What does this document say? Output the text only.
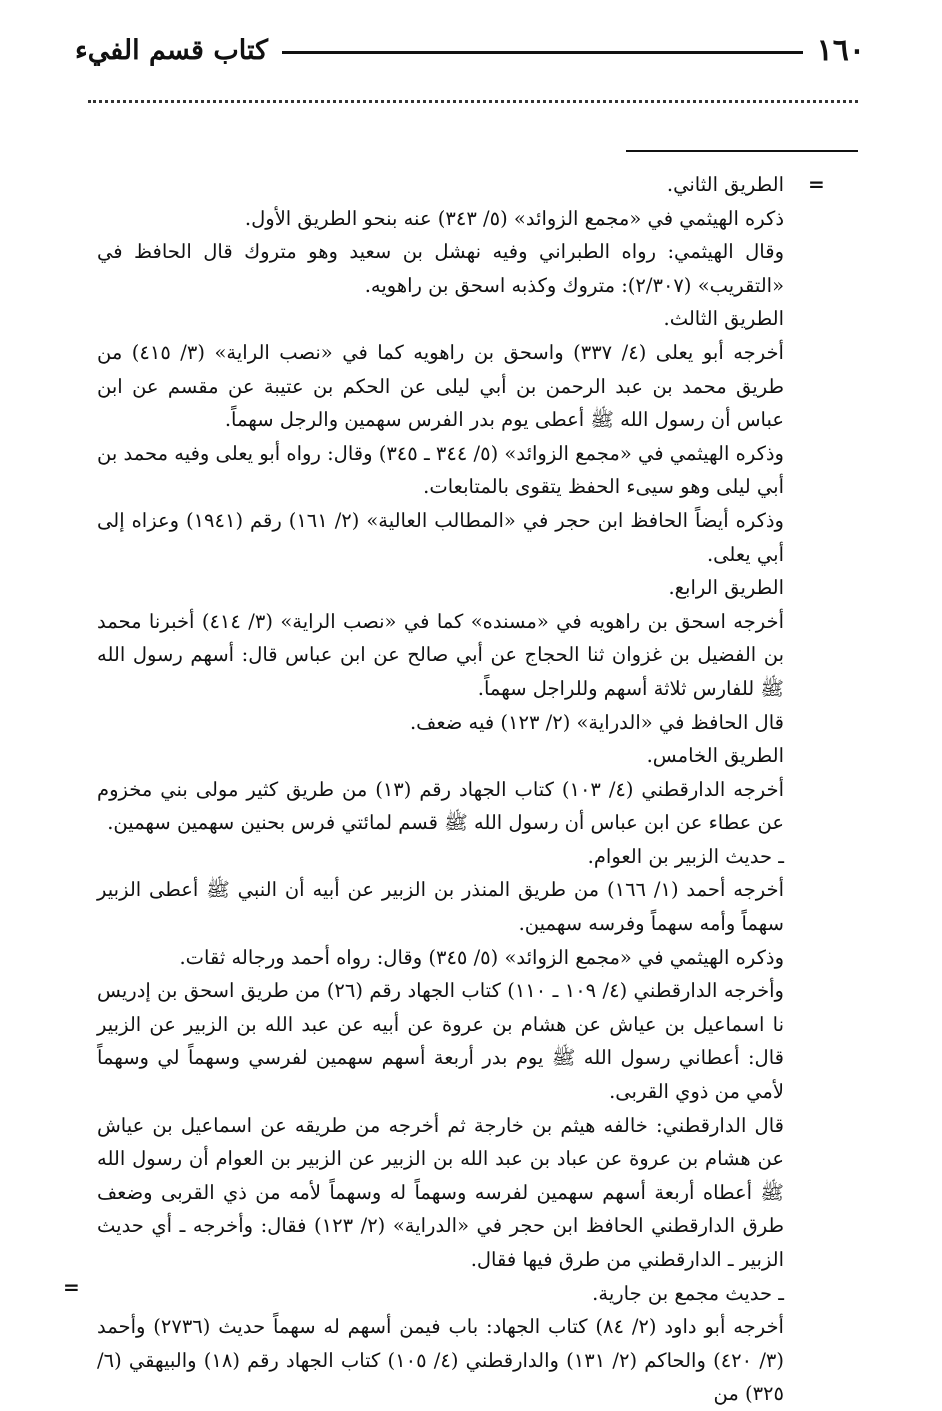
١٦٠
كتاب قسم الفيء
=
=

الطريق الثاني.

ذكره الهيثمي في «مجمع الزوائد» (٥/ ٣٤٣) عنه بنحو الطريق الأول.

وقال الهيثمي: رواه الطبراني وفيه نهشل بن سعيد وهو متروك قال الحافظ في «التقريب» (٢/٣٠٧): متروك وكذبه اسحق بن راهويه.

الطريق الثالث.

أخرجه أبو يعلى (٤/ ٣٣٧) واسحق بن راهويه كما في «نصب الراية» (٣/ ٤١٥) من طريق محمد بن عبد الرحمن بن أبي ليلى عن الحكم بن عتيبة عن مقسم عن ابن عباس أن رسول الله ﷺ أعطى يوم بدر الفرس سهمين والرجل سهماً.

وذكره الهيثمي في «مجمع الزوائد» (٥/ ٣٤٤ ـ ٣٤٥) وقال: رواه أبو يعلى وفيه محمد بن أبي ليلى وهو سيىء الحفظ يتقوى بالمتابعات.

وذكره أيضاً الحافظ ابن حجر في «المطالب العالية» (٢/ ١٦١) رقم (١٩٤١) وعزاه إلى أبي يعلى.

الطريق الرابع.

أخرجه اسحق بن راهويه في «مسنده» كما في «نصب الراية» (٣/ ٤١٤) أخبرنا محمد بن الفضيل بن غزوان ثنا الحجاج عن أبي صالح عن ابن عباس قال: أسهم رسول الله ﷺ للفارس ثلاثة أسهم وللراجل سهماً.

قال الحافظ في «الدراية» (٢/ ١٢٣) فيه ضعف.

الطريق الخامس.

أخرجه الدارقطني (٤/ ١٠٣) كتاب الجهاد رقم (١٣) من طريق كثير مولى بني مخزوم عن عطاء عن ابن عباس أن رسول الله ﷺ قسم لمائتي فرس بحنين سهمين سهمين.

ـ حديث الزبير بن العوام.

أخرجه أحمد (١/ ١٦٦) من طريق المنذر بن الزبير عن أبيه أن النبي ﷺ أعطى الزبير سهماً وأمه سهماً وفرسه سهمين.

وذكره الهيثمي في «مجمع الزوائد» (٥/ ٣٤٥) وقال: رواه أحمد ورجاله ثقات.

وأخرجه الدارقطني (٤/ ١٠٩ ـ ١١٠) كتاب الجهاد رقم (٢٦) من طريق اسحق بن إدريس نا اسماعيل بن عياش عن هشام بن عروة عن أبيه عن عبد الله بن الزبير عن الزبير قال: أعطاني رسول الله ﷺ يوم بدر أربعة أسهم سهمين لفرسي وسهماً لي وسهماً لأمي من ذوي القربى.

قال الدارقطني: خالفه هيثم بن خارجة ثم أخرجه من طريقه عن اسماعيل بن عياش عن هشام بن عروة عن عباد بن عبد الله بن الزبير عن الزبير بن العوام أن رسول الله ﷺ أعطاه أربعة أسهم سهمين لفرسه وسهماً له وسهماً لأمه من ذي القربى وضعف طرق الدارقطني الحافظ ابن حجر في «الدراية» (٢/ ١٢٣) فقال: وأخرجه ـ أي حديث الزبير ـ الدارقطني من طرق فيها فقال.

ـ حديث مجمع بن جارية.

أخرجه أبو داود (٢/ ٨٤) كتاب الجهاد: باب فيمن أسهم له سهماً حديث (٢٧٣٦) وأحمد (٣/ ٤٢٠) والحاكم (٢/ ١٣١) والدارقطني (٤/ ١٠٥) كتاب الجهاد رقم (١٨) والبيهقي (٦/ ٣٢٥) من
